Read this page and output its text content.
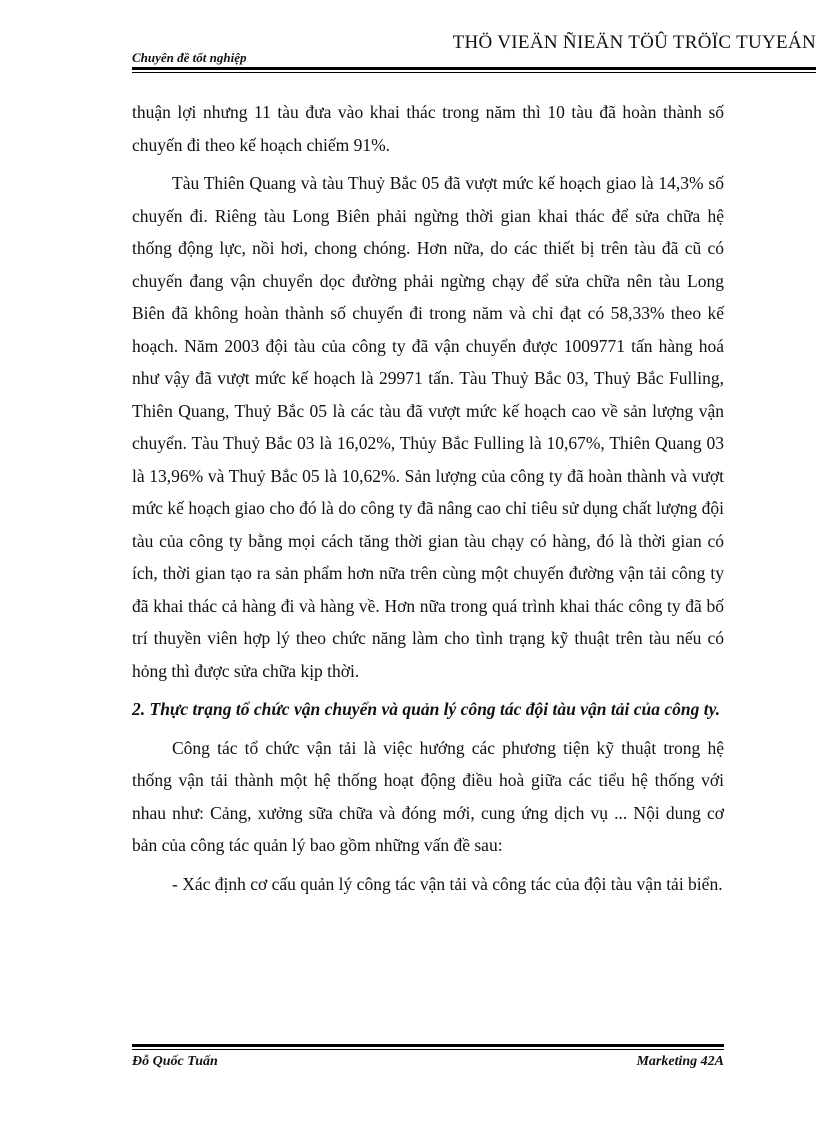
Chuyên đề tốt nghiệp
THÖ VIEÄN ÑIEÄN TÖÛ TRÖÏC TUYEÁN

thuận lợi nhưng 11 tàu đưa vào khai thác trong năm thì 10 tàu đã hoàn thành số chuyến đi theo kế hoạch chiếm 91%.

Tàu Thiên Quang và tàu Thuỷ Bắc 05 đã vượt mức kế hoạch giao là 14,3% số chuyến đi. Riêng tàu Long Biên phải ngừng thời gian khai thác để sửa chữa hệ thống động lực, nồi hơi, chong chóng. Hơn nữa, do các thiết bị trên tàu đã cũ có chuyến đang vận chuyển dọc đường phải ngừng chạy để sửa chữa nên tàu Long Biên đã không hoàn thành số chuyến đi trong năm và chỉ đạt có 58,33% theo kế hoạch. Năm 2003 đội tàu của công ty đã vận chuyển được 1009771 tấn hàng hoá như vậy đã vượt mức kế hoạch là 29971 tấn. Tàu Thuỷ Bắc 03, Thuỷ Bắc Fulling, Thiên Quang, Thuỷ Bắc 05 là các tàu đã vượt mức kế hoạch cao về sản lượng vận chuyển. Tàu Thuỷ Bắc 03 là 16,02%, Thủy Bắc Fulling là 10,67%, Thiên Quang 03 là 13,96% và Thuỷ Bắc 05 là 10,62%. Sản lượng của công ty đã hoàn thành và vượt mức kế hoạch giao cho đó là do công ty đã nâng cao chỉ tiêu sử dụng chất lượng đội tàu của công ty bằng mọi cách tăng thời gian tàu chạy có hàng, đó là thời gian có ích, thời gian tạo ra sản phẩm hơn nữa trên cùng một chuyến đường vận tải công ty đã khai thác cả hàng đi và hàng về. Hơn nữa trong quá trình khai thác công ty đã bố trí thuyền viên hợp lý theo chức năng làm cho tình trạng kỹ thuật trên tàu nếu có hỏng thì được sửa chữa kịp thời.

2. Thực trạng tổ chức vận chuyển và quản lý công tác đội tàu vận tải của công ty.

Công tác tổ chức vận tải là việc hướng các phương tiện kỹ thuật trong hệ thống vận tải thành một hệ thống hoạt động điều hoà giữa các tiểu hệ thống với nhau như: Cảng, xưởng sữa chữa và đóng mới, cung ứng dịch vụ ... Nội dung cơ bản của công tác quản lý bao gồm những vấn đề sau:

- Xác định cơ cấu quản lý công tác vận tải và công tác của đội tàu vận tải biển.

Đỗ Quốc Tuấn	Marketing 42A
